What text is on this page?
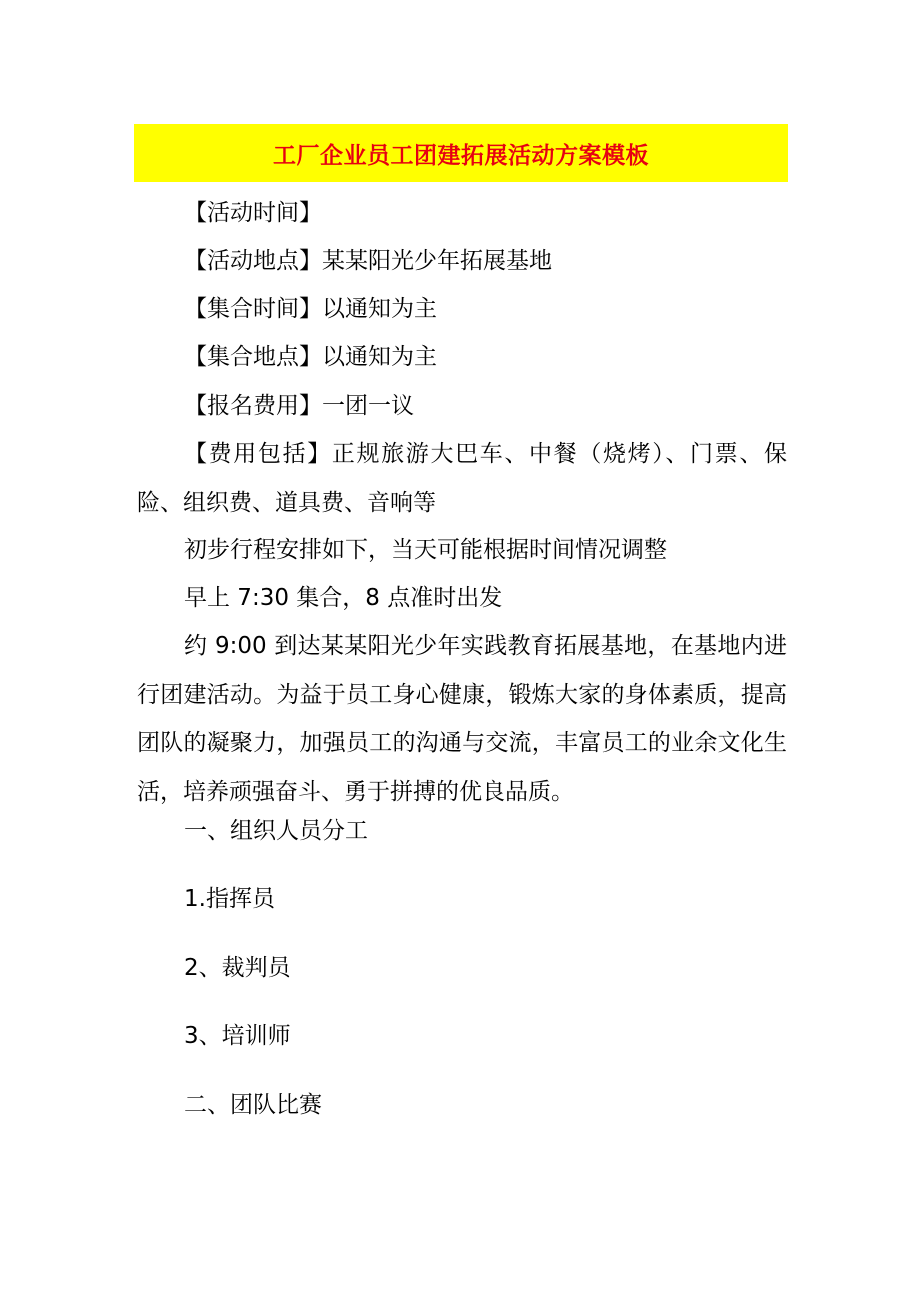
工厂企业员工团建拓展活动方案模板
【活动时间】
【活动地点】某某阳光少年拓展基地
【集合时间】以通知为主
【集合地点】以通知为主
【报名费用】一团一议
【费用包括】正规旅游大巴车、中餐（烧烤）、门票、保险、组织费、道具费、音响等
初步行程安排如下，当天可能根据时间情况调整
早上 7:30 集合，8 点准时出发
约 9:00 到达某某阳光少年实践教育拓展基地，在基地内进行团建活动。为益于员工身心健康，锻炼大家的身体素质，提高团队的凝聚力，加强员工的沟通与交流，丰富员工的业余文化生活，培养顽强奋斗、勇于拼搏的优良品质。
一、组织人员分工
1.指挥员
2、裁判员
3、培训师
二、团队比赛
